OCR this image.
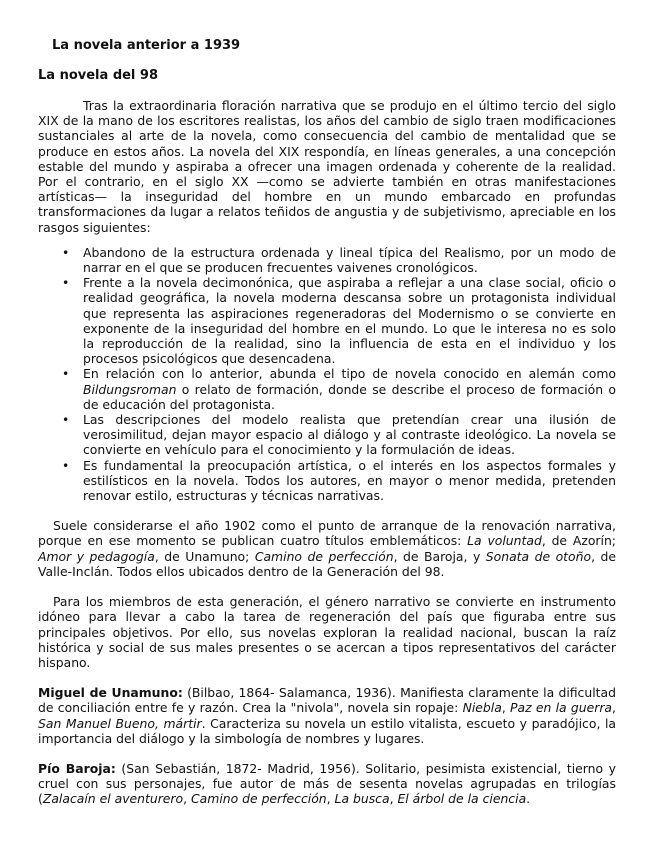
La novela anterior a 1939
La novela del 98

Tras la extraordinaria floración narrativa que se produjo en el último tercio del siglo XIX de la mano de los escritores realistas, los años del cambio de siglo traen modificaciones sustanciales al arte de la novela, como consecuencia del cambio de mentalidad que se produce en estos años. La novela del XIX respondía, en líneas generales, a una concepción estable del mundo y aspiraba a ofrecer una imagen ordenada y coherente de la realidad. Por el contrario, en el siglo XX —como se advierte también en otras manifestaciones artísticas— la inseguridad del hombre en un mundo embarcado en profundas transformaciones da lugar a relatos teñidos de angustia y de subjetivismo, apreciable en los rasgos siguientes:

• Abandono de la estructura ordenada y lineal típica del Realismo, por un modo de narrar en el que se producen frecuentes vaivenes cronológicos.
• Frente a la novela decimonónica, que aspiraba a reflejar a una clase social, oficio o realidad geográfica, la novela moderna descansa sobre un protagonista individual que representa las aspiraciones regeneradoras del Modernismo o se convierte en exponente de la inseguridad del hombre en el mundo. Lo que le interesa no es solo la reproducción de la realidad, sino la influencia de esta en el individuo y los procesos psicológicos que desencadena.
• En relación con lo anterior, abunda el tipo de novela conocido en alemán como Bildungsroman o relato de formación, donde se describe el proceso de formación o de educación del protagonista.
• Las descripciones del modelo realista que pretendían crear una ilusión de verosimilitud, dejan mayor espacio al diálogo y al contraste ideológico. La novela se convierte en vehículo para el conocimiento y la formulación de ideas.
• Es fundamental la preocupación artística, o el interés en los aspectos formales y estilísticos en la novela. Todos los autores, en mayor o menor medida, pretenden renovar estilo, estructuras y técnicas narrativas.

Suele considerarse el año 1902 como el punto de arranque de la renovación narrativa, porque en ese momento se publican cuatro títulos emblemáticos: La voluntad, de Azorín; Amor y pedagogía, de Unamuno; Camino de perfección, de Baroja, y Sonata de otoño, de Valle-Inclán. Todos ellos ubicados dentro de la Generación del 98.

Para los miembros de esta generación, el género narrativo se convierte en instrumento idóneo para llevar a cabo la tarea de regeneración del país que figuraba entre sus principales objetivos. Por ello, sus novelas exploran la realidad nacional, buscan la raíz histórica y social de sus males presentes o se acercan a tipos representativos del carácter hispano.

Miguel de Unamuno: (Bilbao, 1864- Salamanca, 1936). Manifiesta claramente la dificultad de conciliación entre fe y razón. Crea la "nivola", novela sin ropaje: Niebla, Paz en la guerra, San Manuel Bueno, mártir. Caracteriza su novela un estilo vitalista, escueto y paradójico, la importancia del diálogo y la simbología de nombres y lugares.

Pío Baroja: (San Sebastián, 1872- Madrid, 1956). Solitario, pesimista existencial, tierno y cruel con sus personajes, fue autor de más de sesenta novelas agrupadas en trilogías (Zalacaín el aventurero, Camino de perfección, La busca, El árbol de la ciencia.
